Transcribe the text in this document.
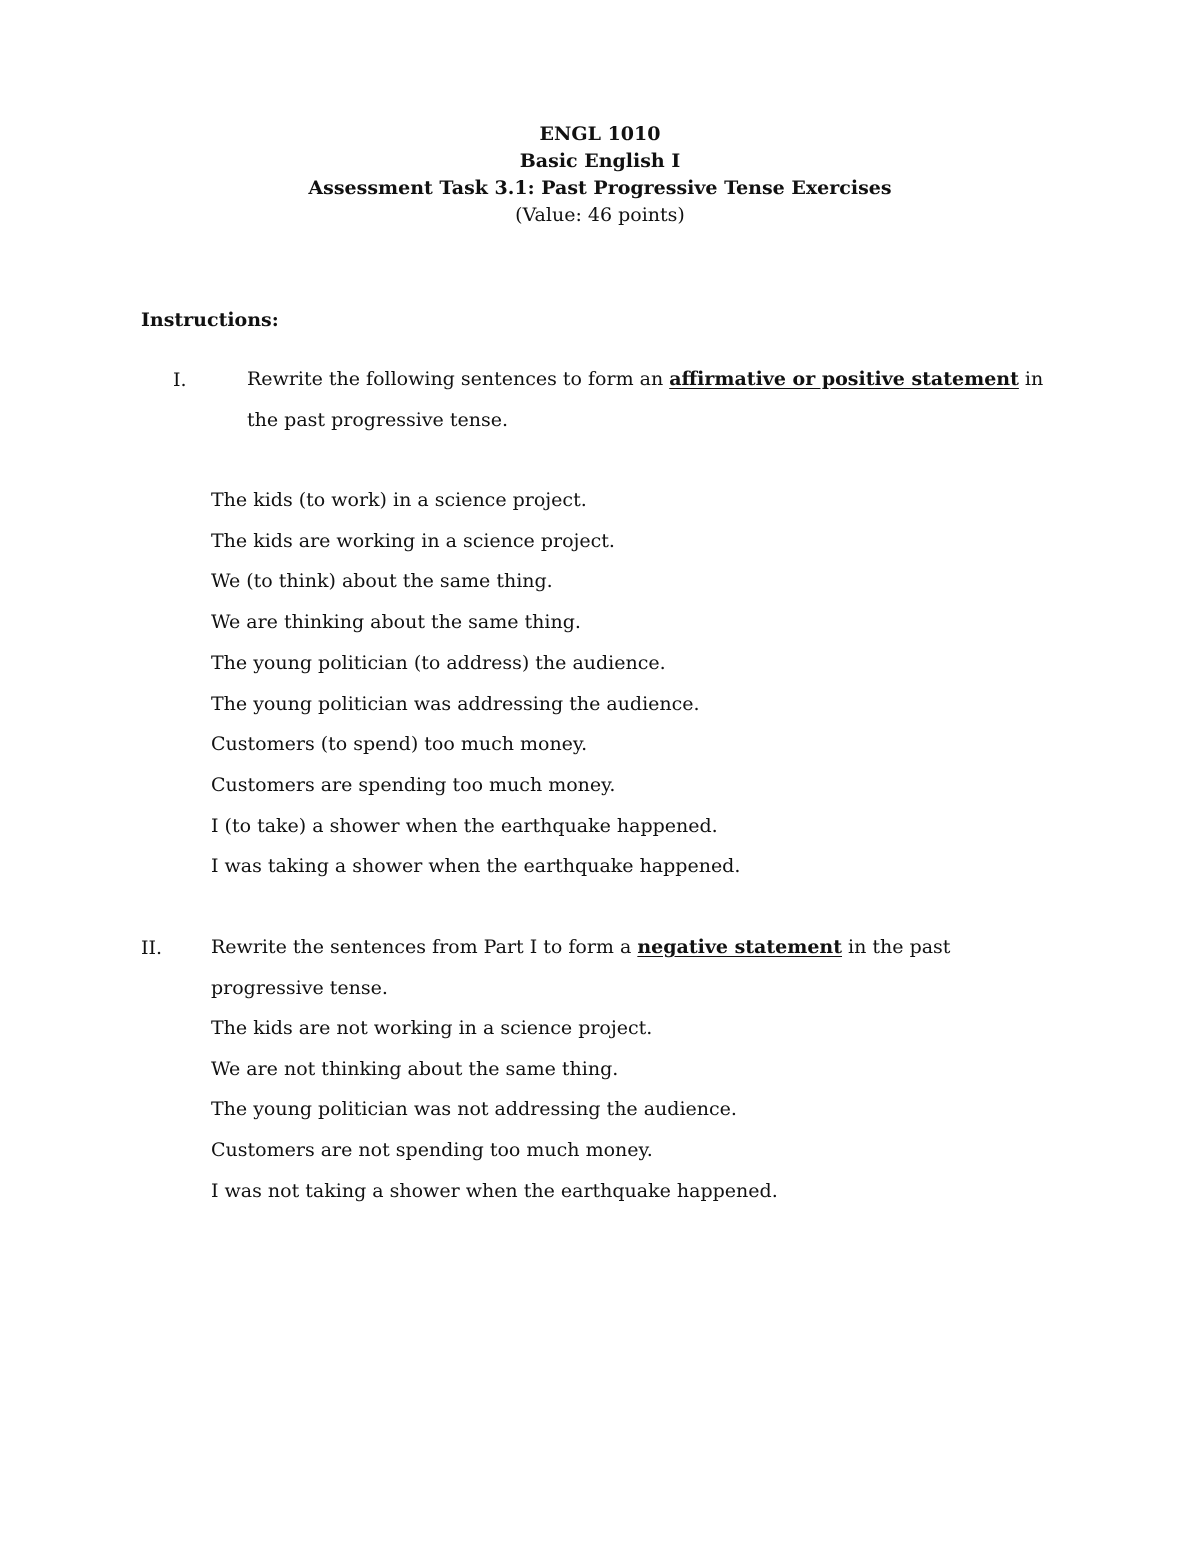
ENGL 1010
Basic English I
Assessment Task 3.1: Past Progressive Tense Exercises
(Value: 46 points)
Instructions:
I.	Rewrite the following sentences to form an affirmative or positive statement in the past progressive tense.
The kids (to work) in a science project.
The kids are working in a science project.
We (to think) about the same thing.
We are thinking about the same thing.
The young politician (to address) the audience.
The young politician was addressing the audience.
Customers (to spend) too much money.
Customers are spending too much money.
I (to take) a shower when the earthquake happened.
I was taking a shower when the earthquake happened.
II.	Rewrite the sentences from Part I to form a negative statement in the past progressive tense.
The kids are not working in a science project.
We are not thinking about the same thing.
The young politician was not addressing the audience.
Customers are not spending too much money.
I was not taking a shower when the earthquake happened.
